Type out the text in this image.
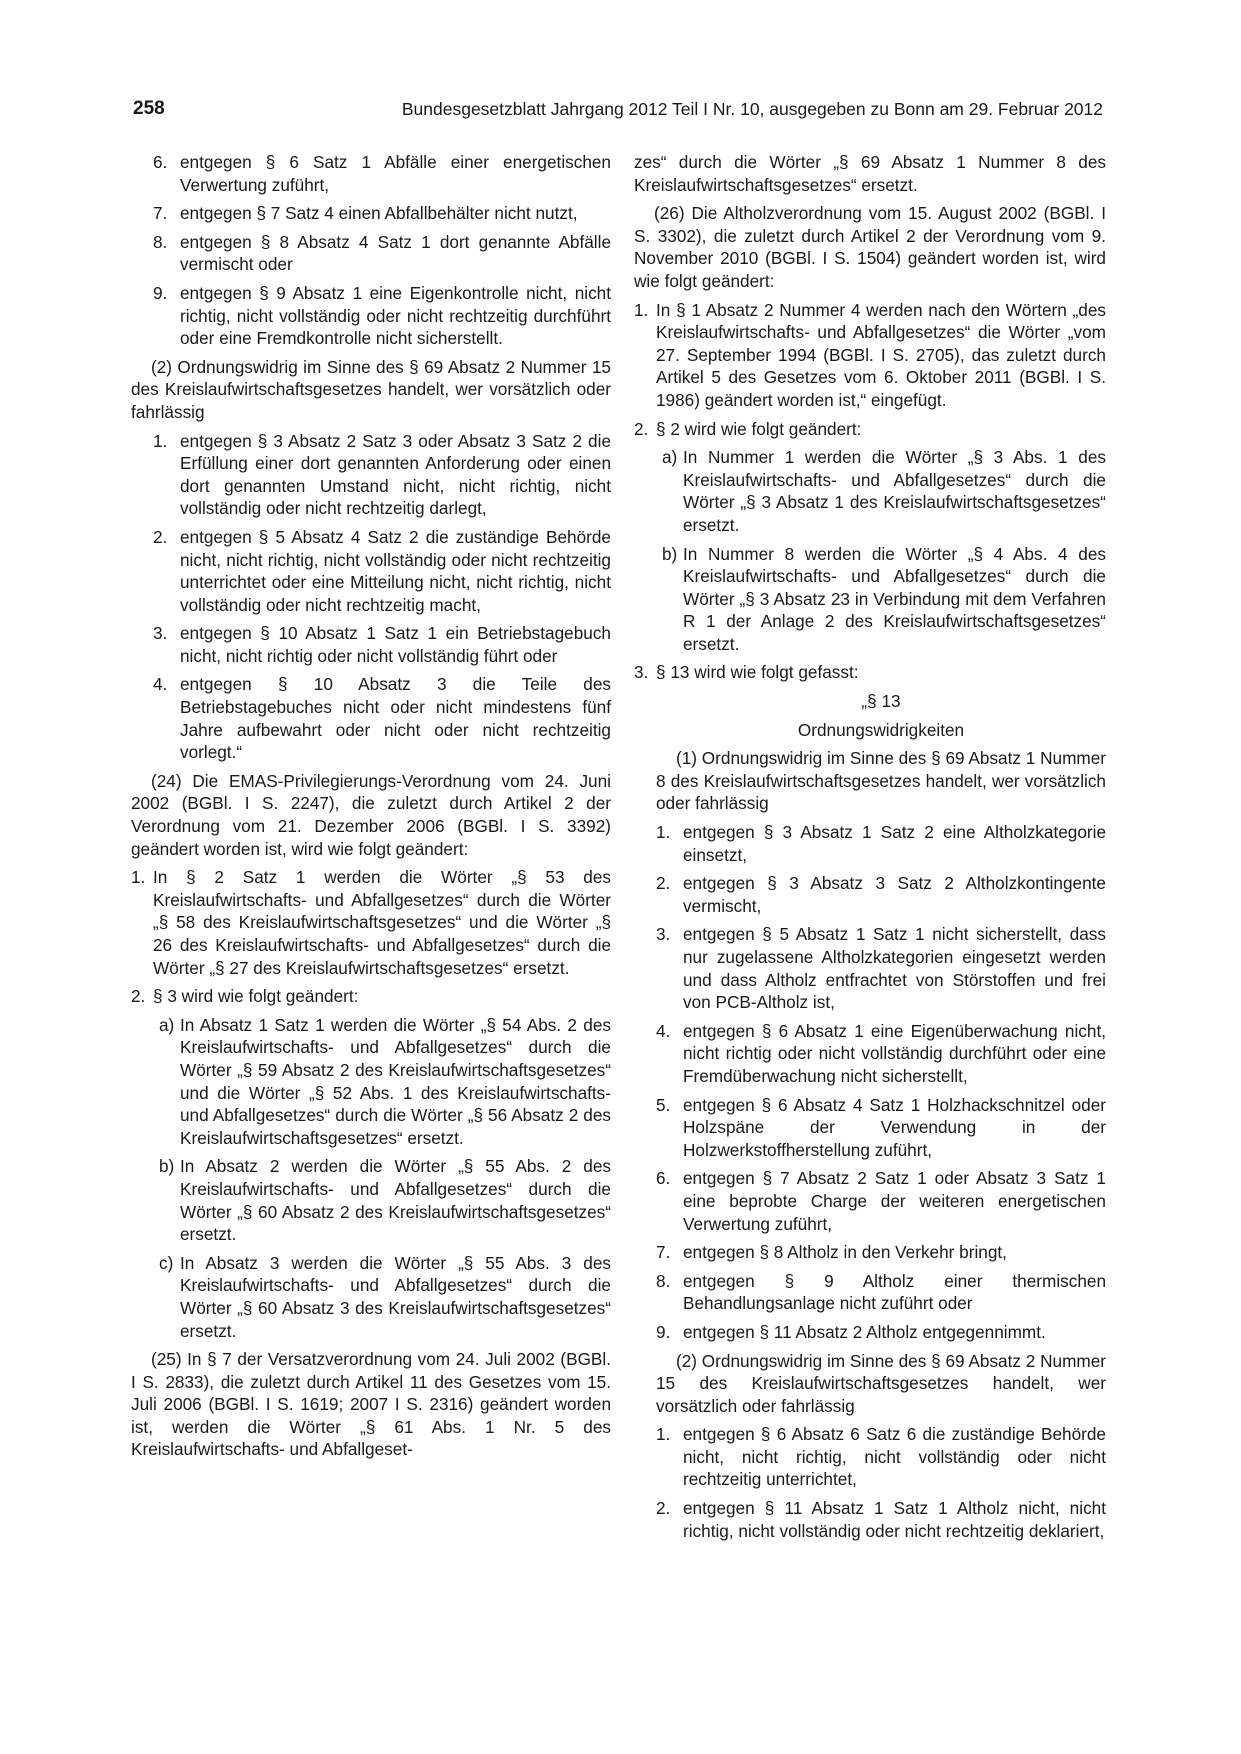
258	Bundesgesetzblatt Jahrgang 2012 Teil I Nr. 10, ausgegeben zu Bonn am 29. Februar 2012
6. entgegen § 6 Satz 1 Abfälle einer energetischen Verwertung zuführt,
7. entgegen § 7 Satz 4 einen Abfallbehälter nicht nutzt,
8. entgegen § 8 Absatz 4 Satz 1 dort genannte Abfälle vermischt oder
9. entgegen § 9 Absatz 1 eine Eigenkontrolle nicht, nicht richtig, nicht vollständig oder nicht rechtzeitig durchführt oder eine Fremdkontrolle nicht sicherstellt.

(2) Ordnungswidrig im Sinne des § 69 Absatz 2 Nummer 15 des Kreislaufwirtschaftsgesetzes handelt, wer vorsätzlich oder fahrlässig

1. entgegen § 3 Absatz 2 Satz 3 oder Absatz 3 Satz 2 die Erfüllung einer dort genannten Anforderung oder einen dort genannten Umstand nicht, nicht richtig, nicht vollständig oder nicht rechtzeitig darlegt,
2. entgegen § 5 Absatz 4 Satz 2 die zuständige Behörde nicht, nicht richtig, nicht vollständig oder nicht rechtzeitig unterrichtet oder eine Mitteilung nicht, nicht richtig, nicht vollständig oder nicht rechtzeitig macht,
3. entgegen § 10 Absatz 1 Satz 1 ein Betriebstagebuch nicht, nicht richtig oder nicht vollständig führt oder
4. entgegen § 10 Absatz 3 die Teile des Betriebstagebuches nicht oder nicht mindestens fünf Jahre aufbewahrt oder nicht oder nicht rechtzeitig vorlegt.“

(24) Die EMAS-Privilegierungs-Verordnung vom 24. Juni 2002 (BGBl. I S. 2247), die zuletzt durch Artikel 2 der Verordnung vom 21. Dezember 2006 (BGBl. I S. 3392) geändert worden ist, wird wie folgt geändert:

1. In § 2 Satz 1 werden die Wörter „§ 53 des Kreislaufwirtschafts- und Abfallgesetzes“ durch die Wörter „§ 58 des Kreislaufwirtschaftsgesetzes“ und die Wörter „§ 26 des Kreislaufwirtschafts- und Abfallgesetzes“ durch die Wörter „§ 27 des Kreislaufwirtschaftsgesetzes“ ersetzt.
2. § 3 wird wie folgt geändert:
a) In Absatz 1 Satz 1 werden die Wörter „§ 54 Abs. 2 des Kreislaufwirtschafts- und Abfallgesetzes“ durch die Wörter „§ 59 Absatz 2 des Kreislaufwirtschaftsgesetzes“ und die Wörter „§ 52 Abs. 1 des Kreislaufwirtschafts- und Abfallgesetzes“ durch die Wörter „§ 56 Absatz 2 des Kreislaufwirtschaftsgesetzes“ ersetzt.
b) In Absatz 2 werden die Wörter „§ 55 Abs. 2 des Kreislaufwirtschafts- und Abfallgesetzes“ durch die Wörter „§ 60 Absatz 2 des Kreislaufwirtschaftsgesetzes“ ersetzt.
c) In Absatz 3 werden die Wörter „§ 55 Abs. 3 des Kreislaufwirtschafts- und Abfallgesetzes“ durch die Wörter „§ 60 Absatz 3 des Kreislaufwirtschaftsgesetzes“ ersetzt.

(25) In § 7 der Versatzverordnung vom 24. Juli 2002 (BGBl. I S. 2833), die zuletzt durch Artikel 11 des Gesetzes vom 15. Juli 2006 (BGBl. I S. 1619; 2007 I S. 2316) geändert worden ist, werden die Wörter „§ 61 Abs. 1 Nr. 5 des Kreislaufwirtschafts- und Abfallgeset-

zes“ durch die Wörter „§ 69 Absatz 1 Nummer 8 des Kreislaufwirtschaftsgesetzes“ ersetzt.

(26) Die Altholzverordnung vom 15. August 2002 (BGBl. I S. 3302), die zuletzt durch Artikel 2 der Verordnung vom 9. November 2010 (BGBl. I S. 1504) geändert worden ist, wird wie folgt geändert:

1. In § 1 Absatz 2 Nummer 4 werden nach den Wörtern „des Kreislaufwirtschafts- und Abfallgesetzes“ die Wörter „vom 27. September 1994 (BGBl. I S. 2705), das zuletzt durch Artikel 5 des Gesetzes vom 6. Oktober 2011 (BGBl. I S. 1986) geändert worden ist,“ eingefügt.
2. § 2 wird wie folgt geändert:
a) In Nummer 1 werden die Wörter „§ 3 Abs. 1 des Kreislaufwirtschafts- und Abfallgesetzes“ durch die Wörter „§ 3 Absatz 1 des Kreislaufwirtschaftsgesetzes“ ersetzt.
b) In Nummer 8 werden die Wörter „§ 4 Abs. 4 des Kreislaufwirtschafts- und Abfallgesetzes“ durch die Wörter „§ 3 Absatz 23 in Verbindung mit dem Verfahren R 1 der Anlage 2 des Kreislaufwirtschaftsgesetzes“ ersetzt.
3. § 13 wird wie folgt gefasst:
„§ 13
Ordnungswidrigkeiten

(1) Ordnungswidrig im Sinne des § 69 Absatz 1 Nummer 8 des Kreislaufwirtschaftsgesetzes handelt, wer vorsätzlich oder fahrlässig

1. entgegen § 3 Absatz 1 Satz 2 eine Altholzkategorie einsetzt,
2. entgegen § 3 Absatz 3 Satz 2 Altholzkontingente vermischt,
3. entgegen § 5 Absatz 1 Satz 1 nicht sicherstellt, dass nur zugelassene Altholzkategorien eingesetzt werden und dass Altholz entfrachtet von Störstoffen und frei von PCB-Altholz ist,
4. entgegen § 6 Absatz 1 eine Eigenüberwachung nicht, nicht richtig oder nicht vollständig durchführt oder eine Fremdüberwachung nicht sicherstellt,
5. entgegen § 6 Absatz 4 Satz 1 Holzhackschnitzel oder Holzspäne der Verwendung in der Holzwerkstoffherstellung zuführt,
6. entgegen § 7 Absatz 2 Satz 1 oder Absatz 3 Satz 1 eine beprobte Charge der weiteren energetischen Verwertung zuführt,
7. entgegen § 8 Altholz in den Verkehr bringt,
8. entgegen § 9 Altholz einer thermischen Behandlungsanlage nicht zuführt oder
9. entgegen § 11 Absatz 2 Altholz entgegennimmt.

(2) Ordnungswidrig im Sinne des § 69 Absatz 2 Nummer 15 des Kreislaufwirtschaftsgesetzes handelt, wer vorsätzlich oder fahrlässig

1. entgegen § 6 Absatz 6 Satz 6 die zuständige Behörde nicht, nicht richtig, nicht vollständig oder nicht rechtzeitig unterrichtet,
2. entgegen § 11 Absatz 1 Satz 1 Altholz nicht, nicht richtig, nicht vollständig oder nicht rechtzeitig deklariert,
